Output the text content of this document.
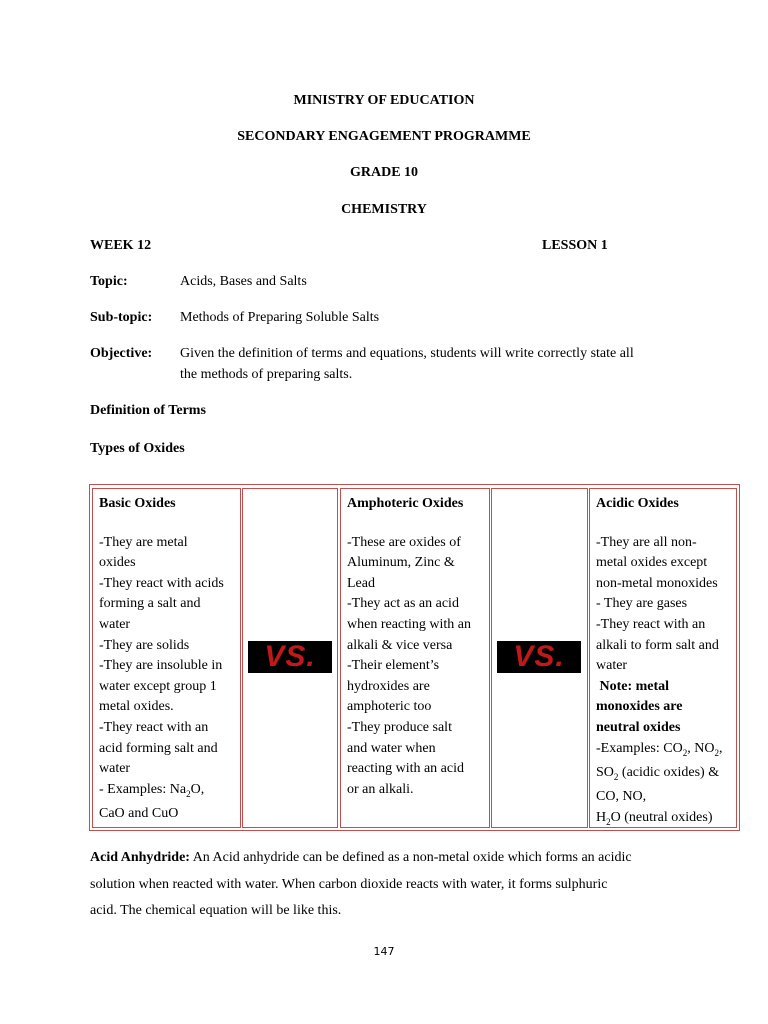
MINISTRY OF EDUCATION
SECONDARY ENGAGEMENT PROGRAMME
GRADE 10
CHEMISTRY
WEEK 12	LESSON 1
Topic:	Acids, Bases and Salts
Sub-topic: Methods of Preparing Soluble Salts
Objective: Given the definition of terms and equations, students will write correctly state all
the methods of preparing salts.
Definition of Terms
Types of Oxides
Basic Oxides
-They are metal
oxides
-They react with acids
forming a salt and
water
-They are solids
-They are insoluble in
water except group 1
metal oxides.
-They react with an
acid forming salt and
water
- Examples: $Na_2O$,
CaO and CuO
VS.
Amphoteric Oxides
-These are oxides of
Aluminum, Zinc &
Lead
-They act as an acid
when reacting with an
alkali & vice versa
-Their element’s
hydroxides are
amphoteric too
-They produce salt
and water when
reacting with an acid
or an alkali.
VS.
Acidic Oxides
-They are all non-
metal oxides except
non-metal monoxides
- They are gases
-They react with an
alkali to form salt and
water
Note: metal
monoxides are
neutral oxides
-Examples: $CO_2$, $NO_2$,
$SO_2$ (acidic oxides) &
CO, NO,
$H_2O$ (neutral oxides)
Acid Anhydride: An Acid anhydride can be defined as a non-metal oxide which forms an acidic
solution when reacted with water. When carbon dioxide reacts with water, it forms sulphuric
acid. The chemical equation will be like this.
147
